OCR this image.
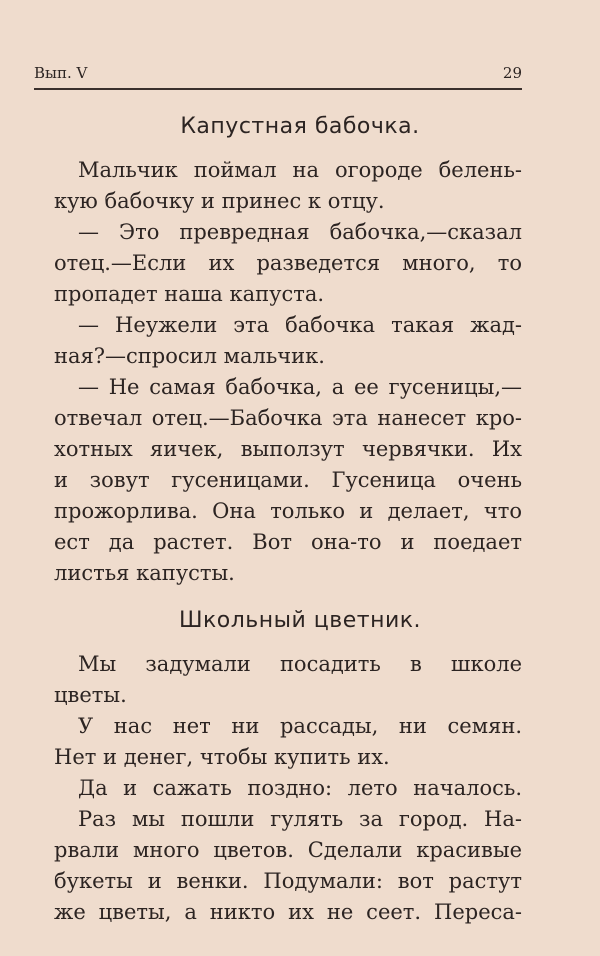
Вып. V	29
Капустная бабочка.
Мальчик поймал на огороде белень-
кую бабочку и принес к отцу.
— Это превредная бабочка,—сказал
отец.—Если их разведется много, то
пропадет наша капуста.
— Неужели эта бабочка такая жад-
ная?—спросил мальчик.
— Не самая бабочка, а ее гусеницы,—
отвечал отец.—Бабочка эта нанесет кро-
хотных яичек, выползут червячки. Их
и зовут гусеницами. Гусеница очень
прожорлива. Она только и делает, что
ест да растет. Вот она-то и поедает
листья капусты.
Школьный цветник.
Мы задумали посадить в школе
цветы.
У нас нет ни рассады, ни семян.
Нет и денег, чтобы купить их.
Да и сажать поздно: лето началось.
Раз мы пошли гулять за город. На-
рвали много цветов. Сделали красивые
букеты и венки. Подумали: вот растут
же цветы, а никто их не сеет. Переса-
